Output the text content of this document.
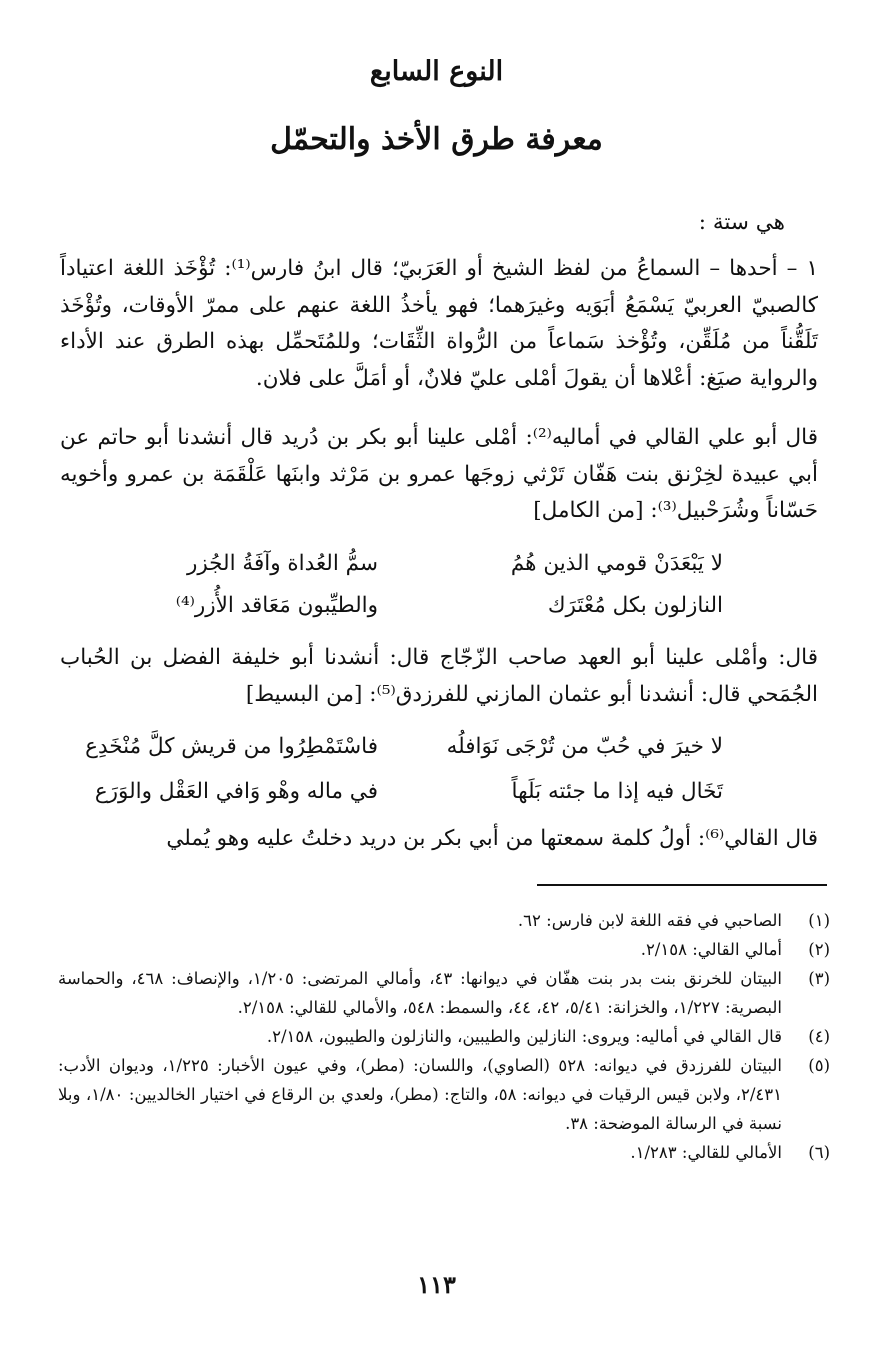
النوع السابع
معرفة طرق الأخذ والتحمّل

هي ستة :

١ – أحدها – السماعُ من لفظ الشيخ أو العَرَبيّ؛ قال ابنُ فارس⁽¹⁾: تُؤْخَذ اللغة اعتياداً كالصبيّ العربيّ يَسْمَعُ أبَوَيه وغيرَهما؛ فهو يأخذُ اللغة عنهم على ممرّ الأوقات، وتُؤْخَذ تَلَقُّناً من مُلَقِّن، وتُؤْخذ سَماعاً من الرُّواة الثِّقَات؛ وللمُتَحمِّل بهذه الطرق عند الأداء والرواية صيَغ: أعْلاها أن يقولَ أمْلى عليّ فلانٌ، أو أمَلَّ على فلان.

قال أبو علي القالي في أماليه⁽²⁾: أمْلى علينا أبو بكر بن دُريد قال أنشدنا أبو حاتم عن أبي عبيدة لخِرْنق بنت هَفّان تَرْثي زوجَها عمرو بن مَرْثد وابنَها عَلْقَمَة بن عمرو وأخويه حَسّاناً وشُرَحْبيل⁽³⁾: [من الكامل]

لا يَبْعَدَنْ قومي الذين هُمُ

سمُّ العُداة وآفَةُ الجُزر

النازلون بكل مُعْتَرَك

والطيِّبون مَعَاقد الأُزر⁽⁴⁾

قال: وأمْلى علينا أبو العهد صاحب الزّجّاج قال: أنشدنا أبو خليفة الفضل بن الحُباب الجُمَحي قال: أنشدنا أبو عثمان المازني للفرزدق⁽⁵⁾: [من البسيط]

لا خيرَ في حُبّ من تُرْجَى نَوَافلُه

فاسْتَمْطِرُوا من قريش كلَّ مُنْخَدِع

تَخَال فيه إذا ما جئته بَلَهاً

في ماله وهْو وَافي العَقْل والوَرَع

قال القالي⁽⁶⁾: أولُ كلمة سمعتها من أبي بكر بن دريد دخلتُ عليه وهو يُملي

(١)
الصاحبي في فقه اللغة لابن فارس: ٦٢.
(٢)
أمالي القالي: ٢/١٥٨.
(٣)
البيتان للخرنق بنت بدر بنت هفّان في ديوانها: ٤٣، وأمالي المرتضى: ١/٢٠٥، والإنصاف: ٤٦٨، والحماسة البصرية: ١/٢٢٧، والخزانة: ٥/٤١، ٤٢، ٤٤، والسمط: ٥٤٨، والأمالي للقالي: ٢/١٥٨.
(٤)
قال القالي في أماليه: ويروى: النازلين والطيبين، والنازلون والطيبون، ٢/١٥٨.
(٥)
البيتان للفرزدق في ديوانه: ٥٢٨ (الصاوي)، واللسان: (مطر)، وفي عيون الأخبار: ١/٢٢٥، وديوان الأدب: ٢/٤٣١، ولابن قيس الرقيات في ديوانه: ٥٨، والتاج: (مطر)، ولعدي بن الرقاع في اختيار الخالديين: ١/٨٠، وبلا نسبة في الرسالة الموضحة: ٣٨.
(٦)
الأمالي للقالي: ١/٢٨٣.
١١٣
